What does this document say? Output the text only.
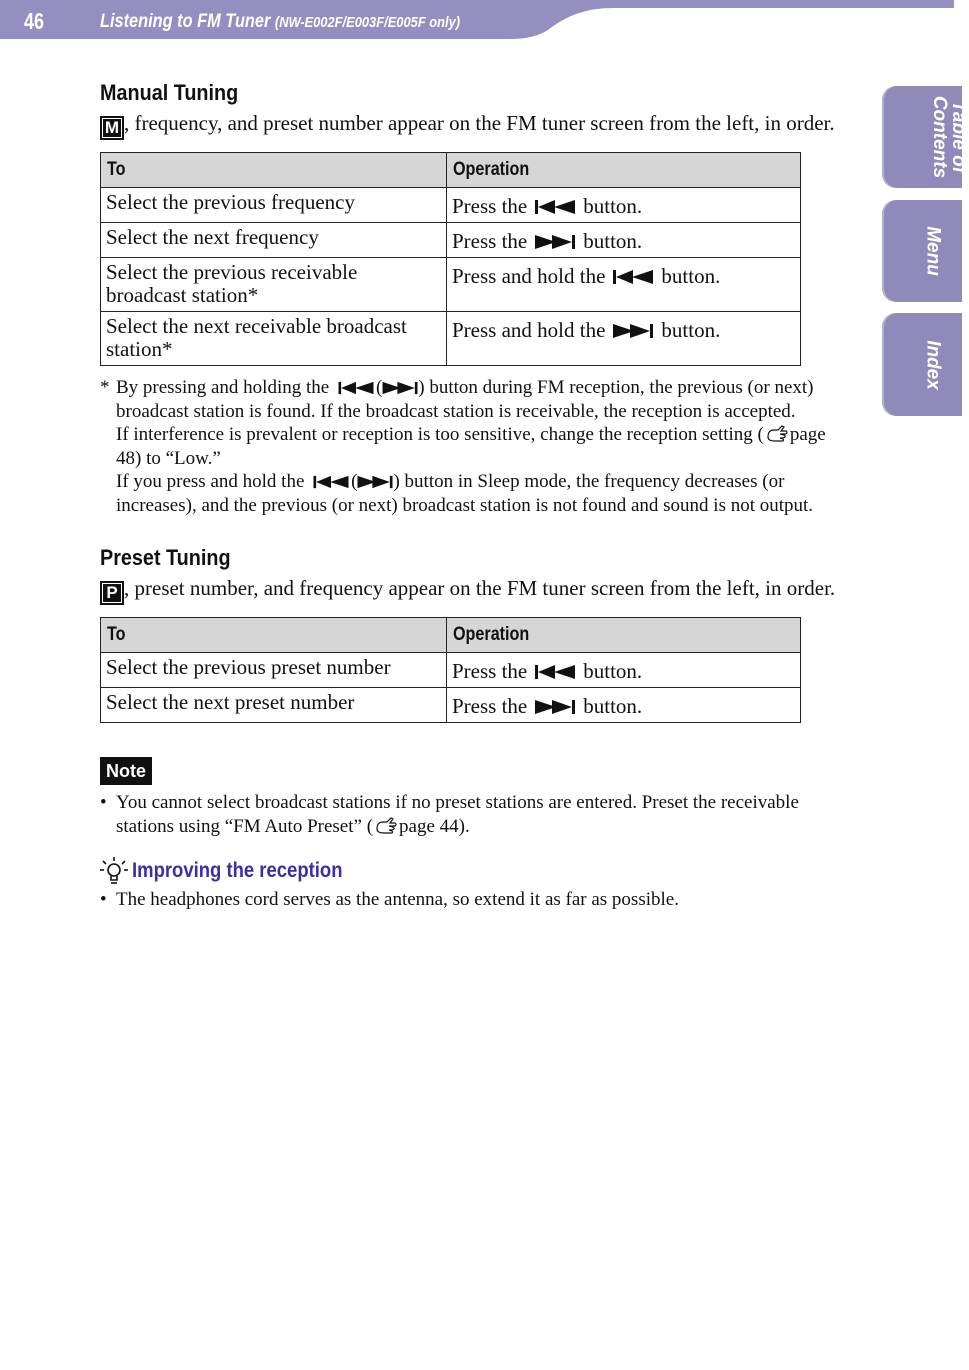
46	Listening to FM Tuner (NW-E002F/E003F/E005F only)
Table of
Contents
Menu
Index
Manual Tuning

M , frequency, and preset number appear on the FM tuner screen from the left, in order.

To	Operation
Select the previous frequency	Press the button.
Select the next frequency	Press the button.
Select the previous receivable broadcast station*	Press and hold the button.
Select the next receivable broadcast station*	Press and hold the button.
* By pressing and holding the ( ) button during FM reception, the previous (or next) broadcast station is found. If the broadcast station is receivable, the reception is accepted.

If interference is prevalent or reception is too sensitive, change the reception setting ( page 48) to “Low.”

If you press and hold the ( ) button in Sleep mode, the frequency decreases (or increases), and the previous (or next) broadcast station is not found and sound is not output.

Preset Tuning

P , preset number, and frequency appear on the FM tuner screen from the left, in order.

To	Operation
Select the previous preset number	Press the button.
Select the next preset number	Press the button.
Note

• You cannot select broadcast stations if no preset stations are entered. Preset the receivable stations using “FM Auto Preset” ( page 44).

Improving the reception

• The headphones cord serves as the antenna, so extend it as far as possible.
